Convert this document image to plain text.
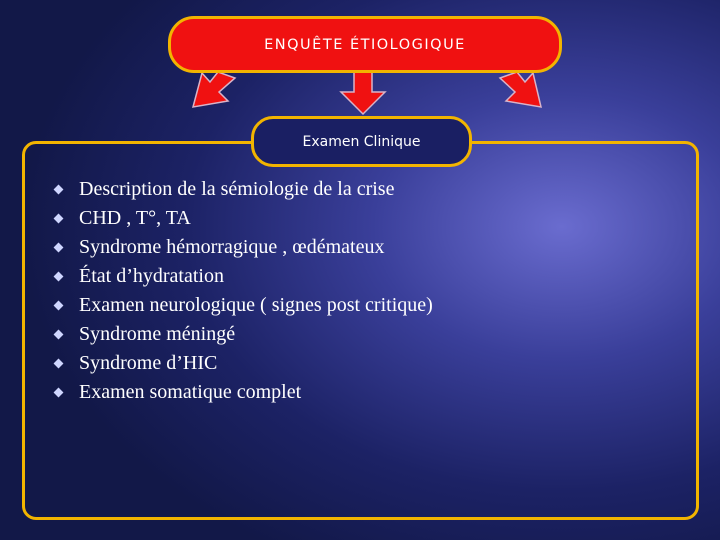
ENQUÊTE ÉTIOLOGIQUE
Examen Clinique
Description de la sémiologie de la crise
CHD , T°, TA
Syndrome hémorragique , œdémateux
État d’hydratation
Examen neurologique ( signes post critique)
Syndrome méningé
Syndrome d’HIC
Examen somatique complet
